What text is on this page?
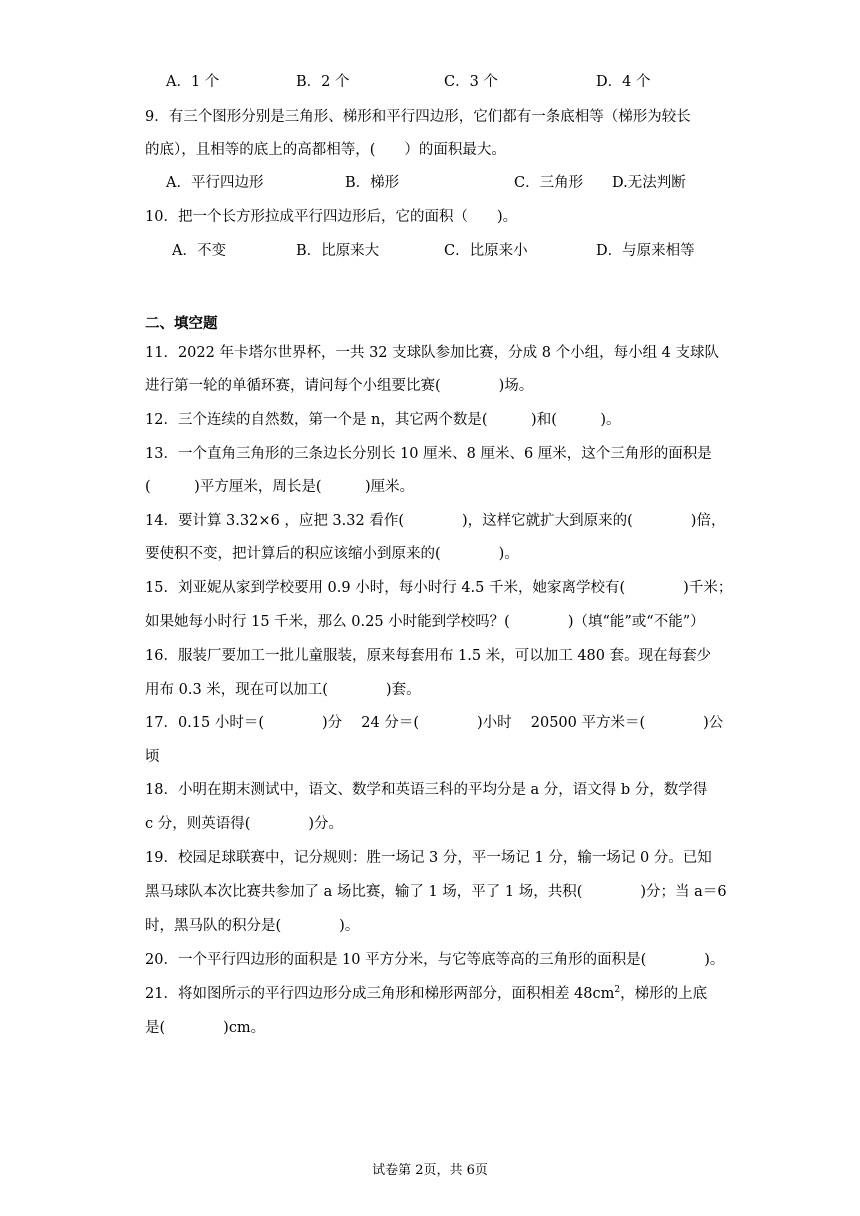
A．1 个	B．2 个	C．3 个	D．4 个
9．有三个图形分别是三角形、梯形和平行四边形，它们都有一条底相等（梯形为较长
的底），且相等的底上的高都相等，(　　）的面积最大。
A．平行四边形	B．梯形	C．三角形 D.无法判断
10．把一个长方形拉成平行四边形后，它的面积（　　)。
A．不变	B．比原来大	C．比原来小	D．与原来相等
二、填空题
11．2022 年卡塔尔世界杯，一共 32 支球队参加比赛，分成 8 个小组，每小组 4 支球队
进行第一轮的单循环赛，请问每个小组要比赛(　　　　)场。
12．三个连续的自然数，第一个是 n，其它两个数是(　　　)和(　　　)。
13．一个直角三角形的三条边长分别长 10 厘米、8 厘米、6 厘米，这个三角形的面积是
(　　　)平方厘米，周长是(　　　)厘米。
14．要计算 3.32×6 ，应把 3.32 看作(　　　　)，这样它就扩大到原来的(　　　　)倍，
要使积不变，把计算后的积应该缩小到原来的(　　　　)。
15．刘亚妮从家到学校要用 0.9 小时，每小时行 4.5 千米，她家离学校有(　　　　)千米；
如果她每小时行 15 千米，那么 0.25 小时能到学校吗？(　　　　)（填“能”或“不能”）
16．服装厂要加工一批儿童服装，原来每套用布 1.5 米，可以加工 480 套。现在每套少
用布 0.3 米，现在可以加工(　　　　)套。
17．0.15 小时＝(　　　　)分　 24 分＝(　　　　)小时　 20500 平方米＝(　　　　)公
顷
18．小明在期末测试中，语文、数学和英语三科的平均分是 a 分，语文得 b 分，数学得
c 分，则英语得(　　　　)分。
19．校园足球联赛中，记分规则：胜一场记 3 分，平一场记 1 分，输一场记 0 分。已知
黑马球队本次比赛共参加了 a 场比赛，输了 1 场，平了 1 场，共积(　　　　)分；当 a＝6
时，黑马队的积分是(　　　　)。
20．一个平行四边形的面积是 10 平方分米，与它等底等高的三角形的面积是(　　　　)。
21．将如图所示的平行四边形分成三角形和梯形两部分，面积相差 $48cm^2$，梯形的上底
是(　　　　)cm。
试卷第 2页，共 6页
